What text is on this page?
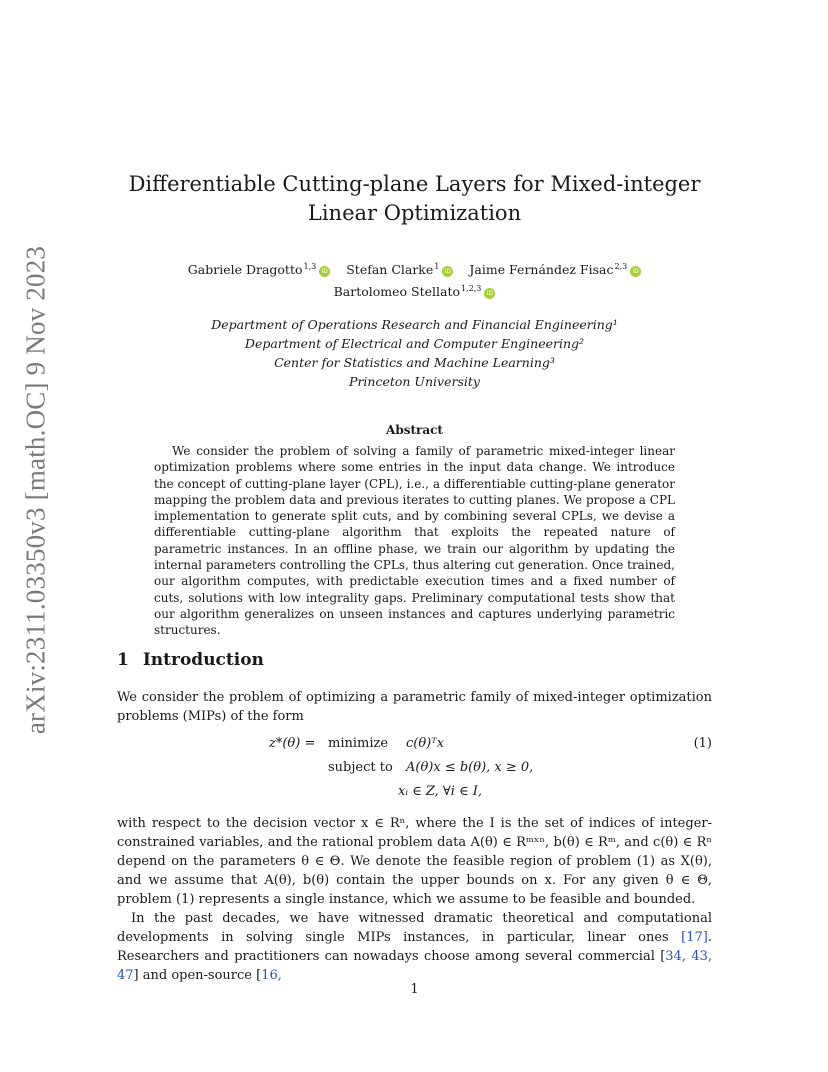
arXiv:2311.03350v3 [math.OC] 9 Nov 2023
Differentiable Cutting-plane Layers for Mixed-integer
Linear Optimization
Gabriele Dragotto$^{1,3}$iD Stefan Clarke$^1$iD Jaime Fernández Fisac$^{2,3}$iD
Bartolomeo Stellato$^{1,2,3}$iD
Department of Operations Research and Financial Engineering¹
Department of Electrical and Computer Engineering²
Center for Statistics and Machine Learning³
Princeton University
Abstract

We consider the problem of solving a family of parametric mixed-integer linear optimization problems where some entries in the input data change. We introduce the concept of cutting-plane layer (CPL), i.e., a differentiable cutting-plane generator mapping the problem data and previous iterates to cutting planes. We propose a CPL implementation to generate split cuts, and by combining several CPLs, we devise a differentiable cutting-plane algorithm that exploits the repeated nature of parametric instances. In an offline phase, we train our algorithm by updating the internal parameters controlling the CPLs, thus altering cut generation. Once trained, our algorithm computes, with predictable execution times and a fixed number of cuts, solutions with low integrality gaps. Preliminary computational tests show that our algorithm generalizes on unseen instances and captures underlying parametric structures.

1 Introduction

We consider the problem of optimizing a parametric family of mixed-integer optimization problems (MIPs) of the form

z*(θ) = minimize c(θ)ᵀx
subject to A(θ)x ≤ b(θ), x ≥ 0,
xᵢ ∈ Z, ∀i ∈ I,
(1)

with respect to the decision vector x ∈ Rⁿ, where the I is the set of indices of integer-constrained variables, and the rational problem data A(θ) ∈ Rᵐˣⁿ, b(θ) ∈ Rᵐ, and c(θ) ∈ Rⁿ depend on the parameters θ ∈ Θ. We denote the feasible region of problem (1) as X(θ), and we assume that A(θ), b(θ) contain the upper bounds on x. For any given θ ∈ Θ, problem (1) represents a single instance, which we assume to be feasible and bounded.

In the past decades, we have witnessed dramatic theoretical and computational developments in solving single MIPs instances, in particular, linear ones [17]. Researchers and practitioners can nowadays choose among several commercial [34, 43, 47] and open-source [16,

1
